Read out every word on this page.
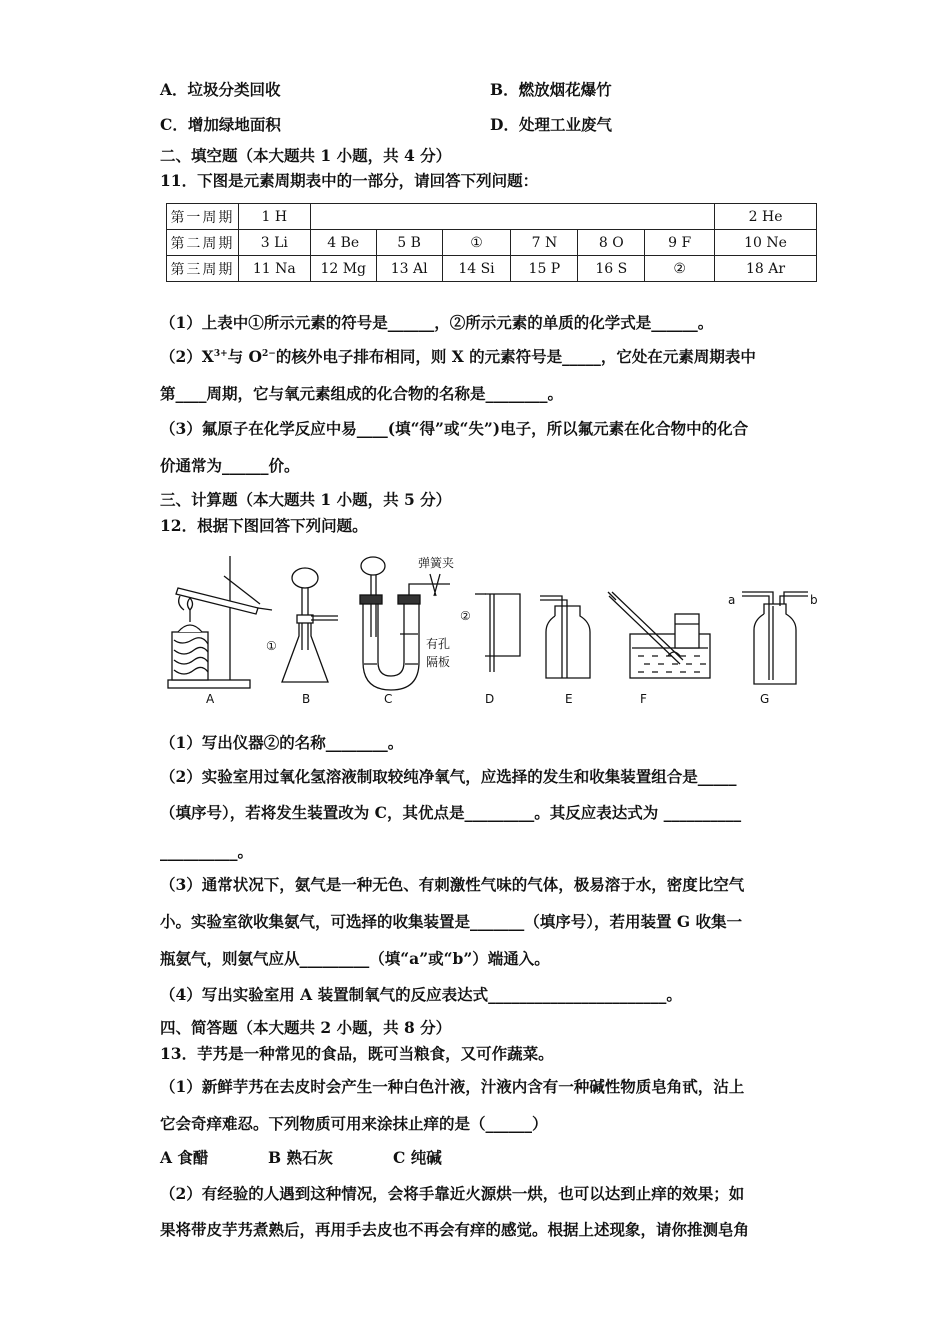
A．垃圾分类回收	B．燃放烟花爆竹
C．增加绿地面积	D．处理工业废气
二、填空题（本大题共 1 小题，共 4 分）
11．下图是元素周期表中的一部分，请回答下列问题：
第一周期	1 H							2 He
第二周期	3 Li	4 Be	5 B	①	7 N	8 O	9 F	10 Ne
第三周期	11 Na	12 Mg	13 Al	14 Si	15 P	16 S	②	18 Ar
（1）上表中①所示元素的符号是______，②所示元素的单质的化学式是______。
$(2)X^{3+}$与 $O^{2-}$的核外电子排布相同，则 X 的元素符号是_____，它处在元素周期表中
第____周期，它与氧元素组成的化合物的名称是________。
（3）氟原子在化学反应中易____(填“得”或“失”)电子，所以氟元素在化合物中的化合
价通常为______价。
三、计算题（本大题共 1 小题，共 5 分）
12．根据下图回答下列问题。
A	B	C	D	E	F	G
弹簧夹
有孔
隔板
①
②
a	b
（1）写出仪器②的名称________。
（2）实验室用过氧化氢溶液制取较纯净氧气，应选择的发生和收集装置组合是_____
（填序号），若将发生装置改为 C，其优点是_________。其反应表达式为 __________
__________。
（3）通常状况下，氨气是一种无色、有刺激性气味的气体，极易溶于水，密度比空气
小。实验室欲收集氨气，可选择的收集装置是_______（填序号），若用装置 G 收集一
瓶氨气，则氨气应从_________（填“a”或“b”）端通入。
（4）写出实验室用 A 装置制氧气的反应表达式_______________________。
四、简答题（本大题共 2 小题，共 8 分）
13．芋艿是一种常见的食品，既可当粮食，又可作蔬菜。
（1）新鲜芋艿在去皮时会产生一种白色汁液，汁液内含有一种碱性物质皂角甙，沾上
它会奇痒难忍。下列物质可用来涂抹止痒的是（______）
A 食醋	B 熟石灰	C 纯碱
（2）有经验的人遇到这种情况，会将手靠近火源烘一烘，也可以达到止痒的效果；如
果将带皮芋艿煮熟后，再用手去皮也不再会有痒的感觉。根据上述现象，请你推测皂角
